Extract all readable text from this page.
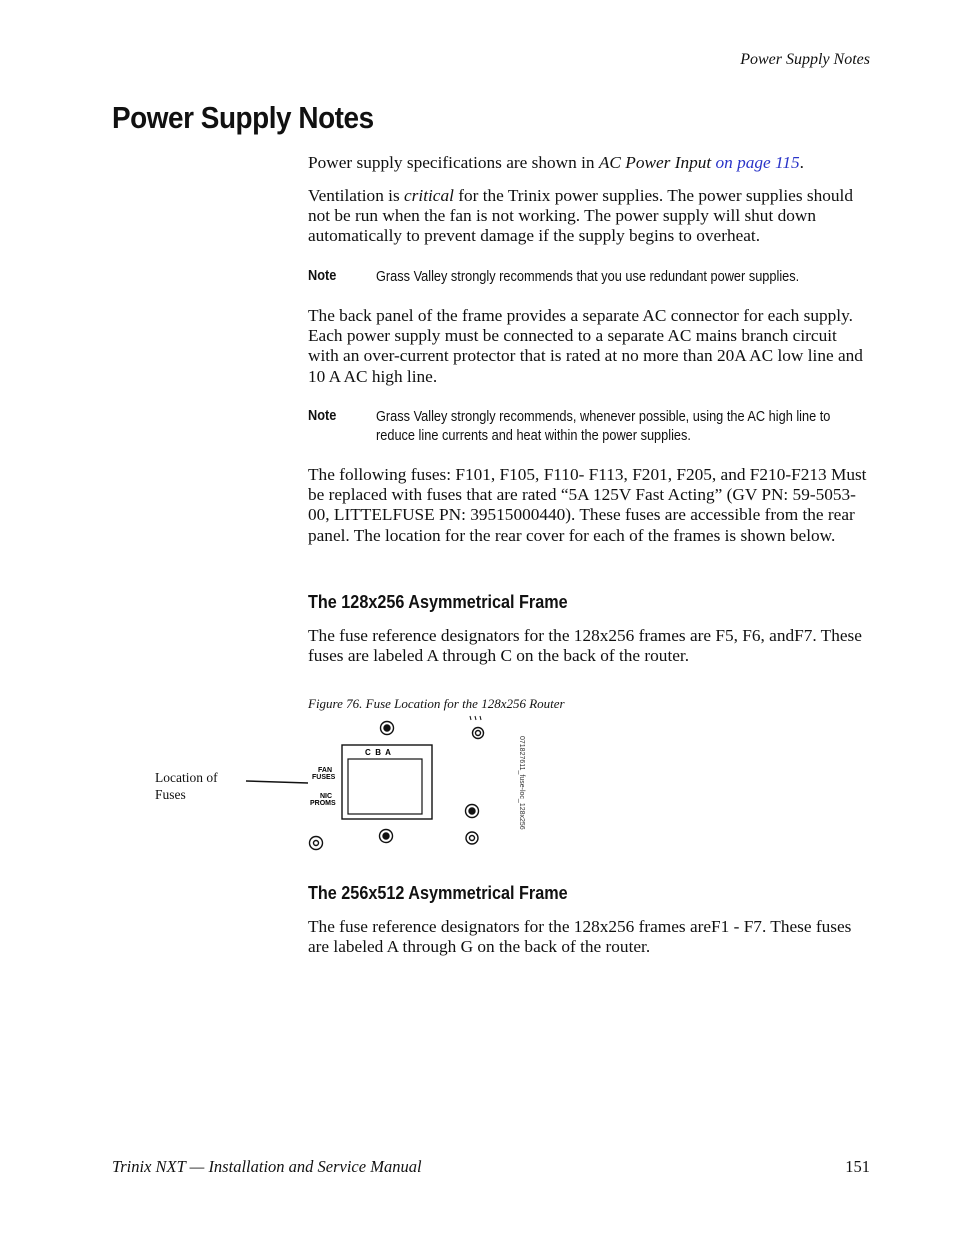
Power Supply Notes
Power Supply Notes
Power supply specifications are shown in AC Power Input on page 115.
Ventilation is critical for the Trinix power supplies. The power supplies should not be run when the fan is not working. The power supply will shut down automatically to prevent damage if the supply begins to overheat.
Note	Grass Valley strongly recommends that you use redundant power supplies.
The back panel of the frame provides a separate AC connector for each supply. Each power supply must be connected to a separate AC mains branch circuit with an over-current protector that is rated at no more than 20A AC low line and 10 A AC high line.
Note	Grass Valley strongly recommends, whenever possible, using the AC high line to reduce line currents and heat within the power supplies.
The following fuses: F101, F105, F110- F113, F201, F205, and F210-F213 Must be replaced with fuses that are rated “5A 125V Fast Acting” (GV PN: 59-5053-00, LITTELFUSE PN: 39515000440). These fuses are accessible from the rear panel. The location for the rear cover for each of the frames is shown below.
The 128x256 Asymmetrical Frame
The fuse reference designators for the 128x256 frames are F5, F6, andF7. These fuses are labeled A through C on the back of the router.
Figure 76. Fuse Location for the 128x256 Router
FAN
FUSES
NIC
PROMS
C  B  A	071827611_fuse-loc_128x256
Location of Fuses
The 256x512 Asymmetrical Frame
The fuse reference designators for the 128x256 frames areF1 - F7. These fuses are labeled A through G on the back of the router.
Trinix NXT — Installation and Service Manual	151
